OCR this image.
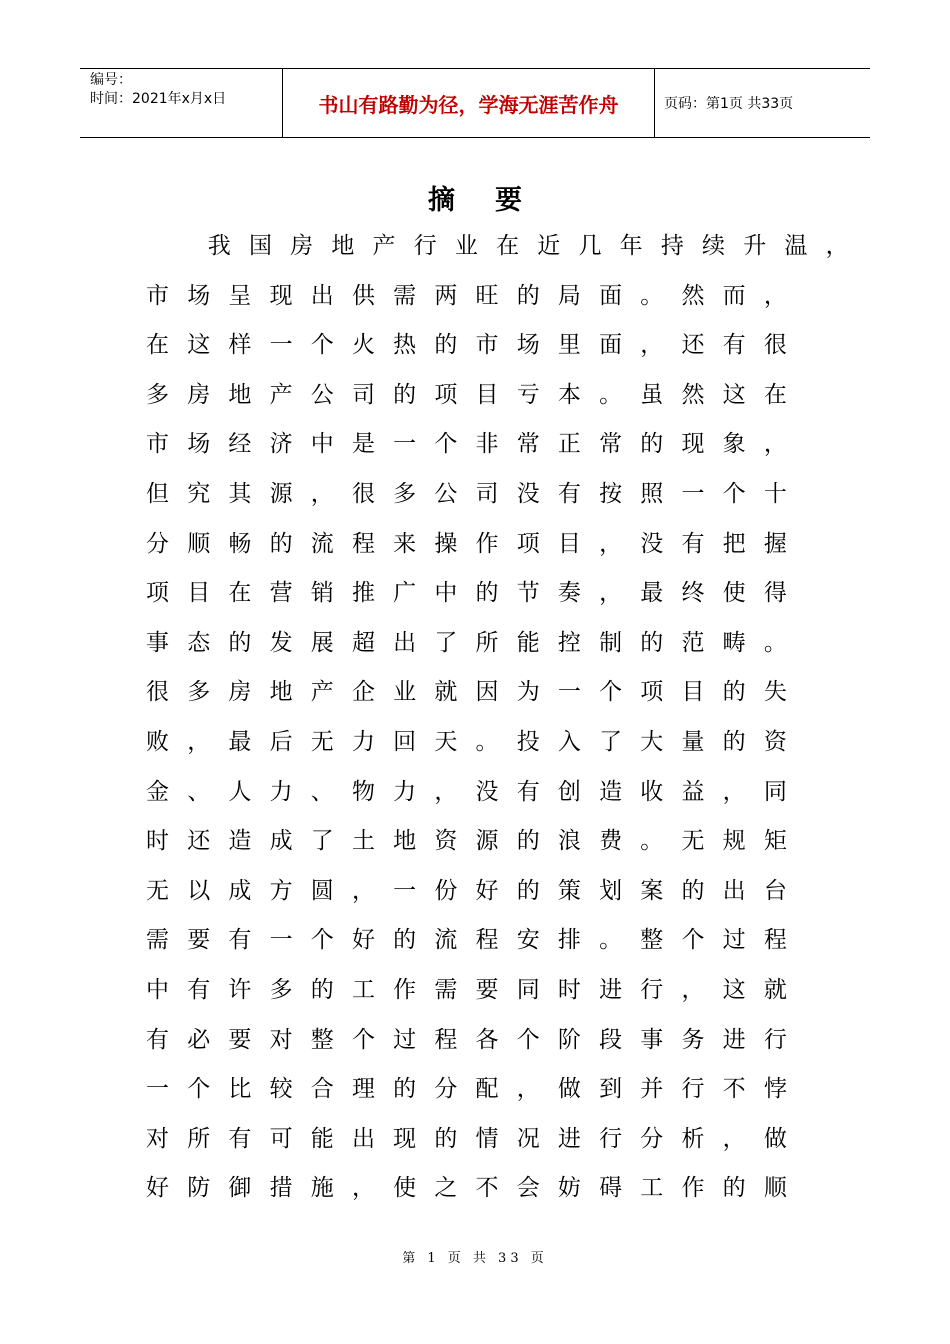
编号：
时间：2021年x月x日	书山有路勤为径，学海无涯苦作舟	页码：第1页 共33页
摘要
我 国 房 地 产 行 业 在 近 几 年 持 续 升 温 ，
市 场 呈 现 出 供 需 两 旺 的 局 面 。 然 而 ，
在 这 样 一 个 火 热 的 市 场 里 面 ， 还 有 很
多 房 地 产 公 司 的 项 目 亏 本 。 虽 然 这 在
市 场 经 济 中 是 一 个 非 常 正 常 的 现 象 ，
但 究 其 源 ， 很 多 公 司 没 有 按 照 一 个 十
分 顺 畅 的 流 程 来 操 作 项 目 ， 没 有 把 握
项 目 在 营 销 推 广 中 的 节 奏 ， 最 终 使 得
事 态 的 发 展 超 出 了 所 能 控 制 的 范 畴 。
很 多 房 地 产 企 业 就 因 为 一 个 项 目 的 失
败 ， 最 后 无 力 回 天 。 投 入 了 大 量 的 资
金 、 人 力 、 物 力 ， 没 有 创 造 收 益 ， 同
时 还 造 成 了 土 地 资 源 的 浪 费 。 无 规 矩
无 以 成 方 圆 ， 一 份 好 的 策 划 案 的 出 台
需 要 有 一 个 好 的 流 程 安 排 。 整 个 过 程
中 有 许 多 的 工 作 需 要 同 时 进 行 ， 这 就
有 必 要 对 整 个 过 程 各 个 阶 段 事 务 进 行
一 个 比 较 合 理 的 分 配 ， 做 到 并 行 不 悖
对 所 有 可 能 出 现 的 情 况 进 行 分 析 ， 做
好 防 御 措 施 ， 使 之 不 会 妨 碍 工 作 的 顺
第 1 页 共 33 页
